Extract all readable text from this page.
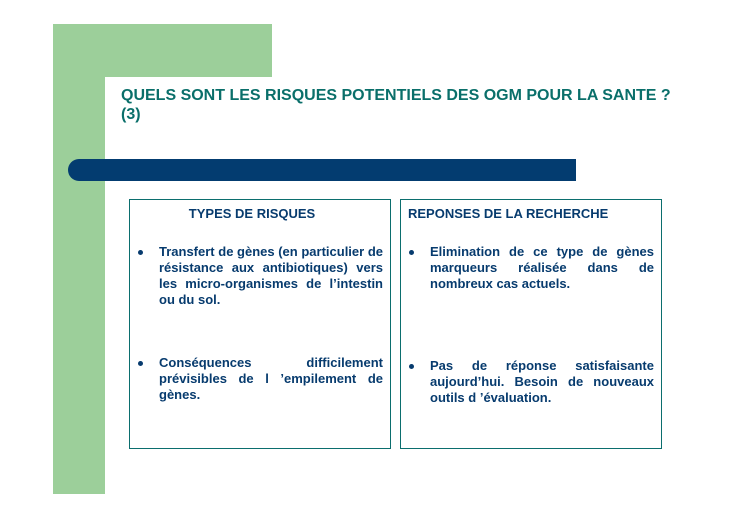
QUELS SONT LES RISQUES POTENTIELS DES OGM POUR LA SANTE ? (3)
TYPES DE RISQUES
Transfert de gènes (en particulier de résistance aux antibiotiques) vers les micro-organismes de l’intestin ou du sol.
Conséquences difficilement prévisibles de l ’empilement de gènes.
REPONSES DE LA RECHERCHE
Elimination de ce type de gènes marqueurs réalisée dans de nombreux cas actuels.
Pas de réponse satisfaisante aujourd’hui. Besoin de nouveaux outils d ’évaluation.
